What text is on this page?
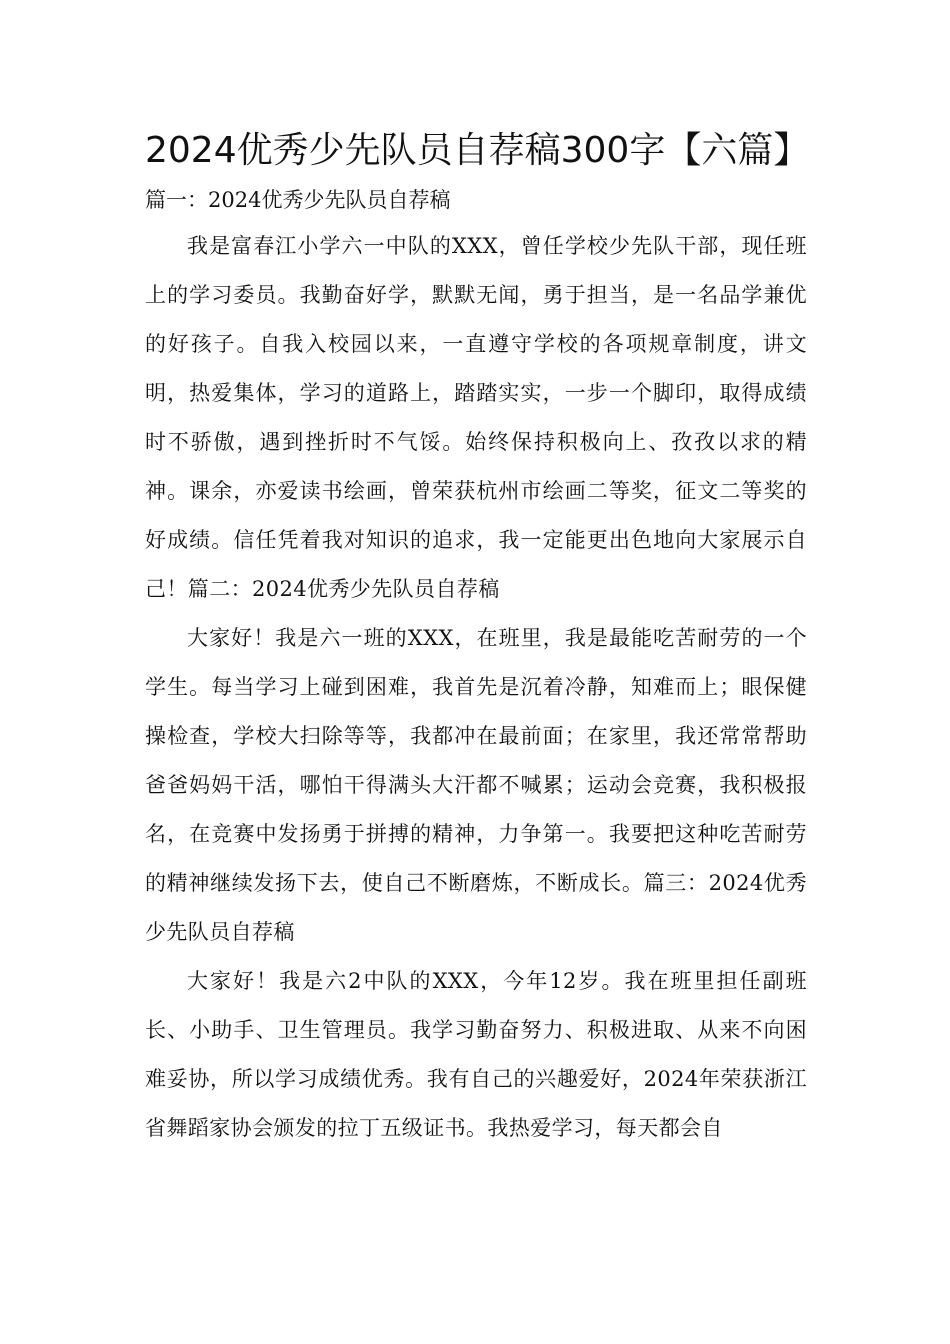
2024优秀少先队员自荐稿300字【六篇】

篇一：2024优秀少先队员自荐稿

我是富春江小学六一中队的XXX，曾任学校少先队干部，现任班上的学习委员。我勤奋好学，默默无闻，勇于担当，是一名品学兼优的好孩子。自我入校园以来，一直遵守学校的各项规章制度，讲文明，热爱集体，学习的道路上，踏踏实实，一步一个脚印，取得成绩时不骄傲，遇到挫折时不气馁。始终保持积极向上、孜孜以求的精神。课余，亦爱读书绘画，曾荣获杭州市绘画二等奖，征文二等奖的好成绩。信任凭着我对知识的追求，我一定能更出色地向大家展示自己！篇二：2024优秀少先队员自荐稿

大家好！我是六一班的XXX，在班里，我是最能吃苦耐劳的一个学生。每当学习上碰到困难，我首先是沉着冷静，知难而上；眼保健操检查，学校大扫除等等，我都冲在最前面；在家里，我还常常帮助爸爸妈妈干活，哪怕干得满头大汗都不喊累；运动会竞赛，我积极报名，在竞赛中发扬勇于拼搏的精神，力争第一。我要把这种吃苦耐劳的精神继续发扬下去，使自己不断磨炼，不断成长。篇三：2024优秀少先队员自荐稿

大家好！我是六2中队的XXX，今年12岁。我在班里担任副班长、小助手、卫生管理员。我学习勤奋努力、积极进取、从来不向困难妥协，所以学习成绩优秀。我有自己的兴趣爱好，2024年荣获浙江省舞蹈家协会颁发的拉丁五级证书。我热爱学习，每天都会自
